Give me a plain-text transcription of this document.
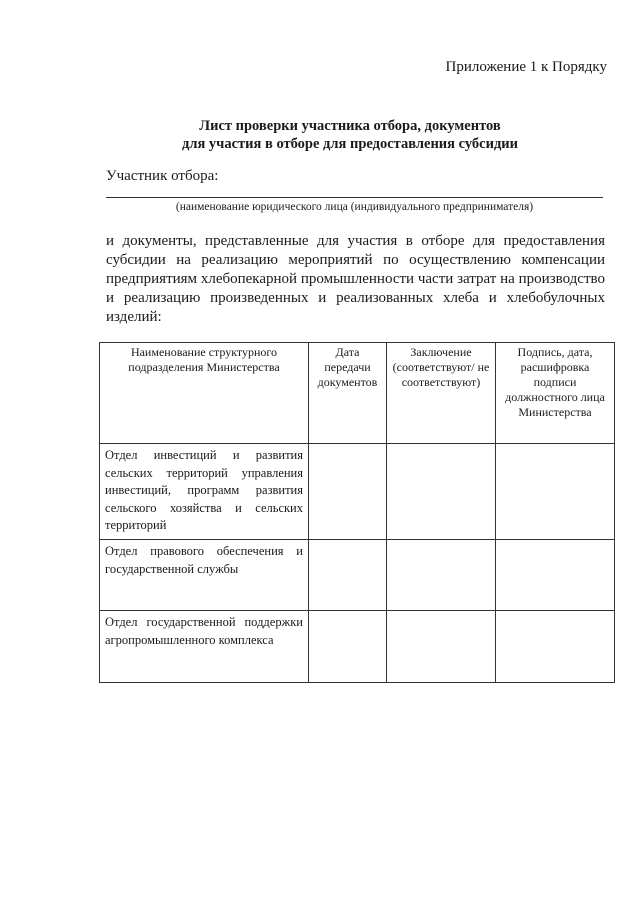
Приложение 1 к Порядку
Лист проверки участника отбора, документов
для участия в отборе для предоставления субсидии
Участник отбора:
(наименование юридического лица (индивидуального предпринимателя)
и документы, представленные для участия в отборе для предоставления
субсидии на реализацию мероприятий по осуществлению компенсации
предприятиям хлебопекарной промышленности части затрат на производство
и реализацию произведенных и реализованных хлеба и хлебобулочных
изделий:
Наименование структурного подразделения Министерства	Дата передачи документов	Заключение (соответствуют/ не соответствуют)	Подпись, дата, расшифровка подписи должностного лица Министерства
Отдел инвестиций и развития сельских территорий управления инвестиций, программ развития сельского хозяйства и сельских территорий			
Отдел правового обеспечения и государственной службы			
Отдел государственной поддержки агропромышленного комплекса			
